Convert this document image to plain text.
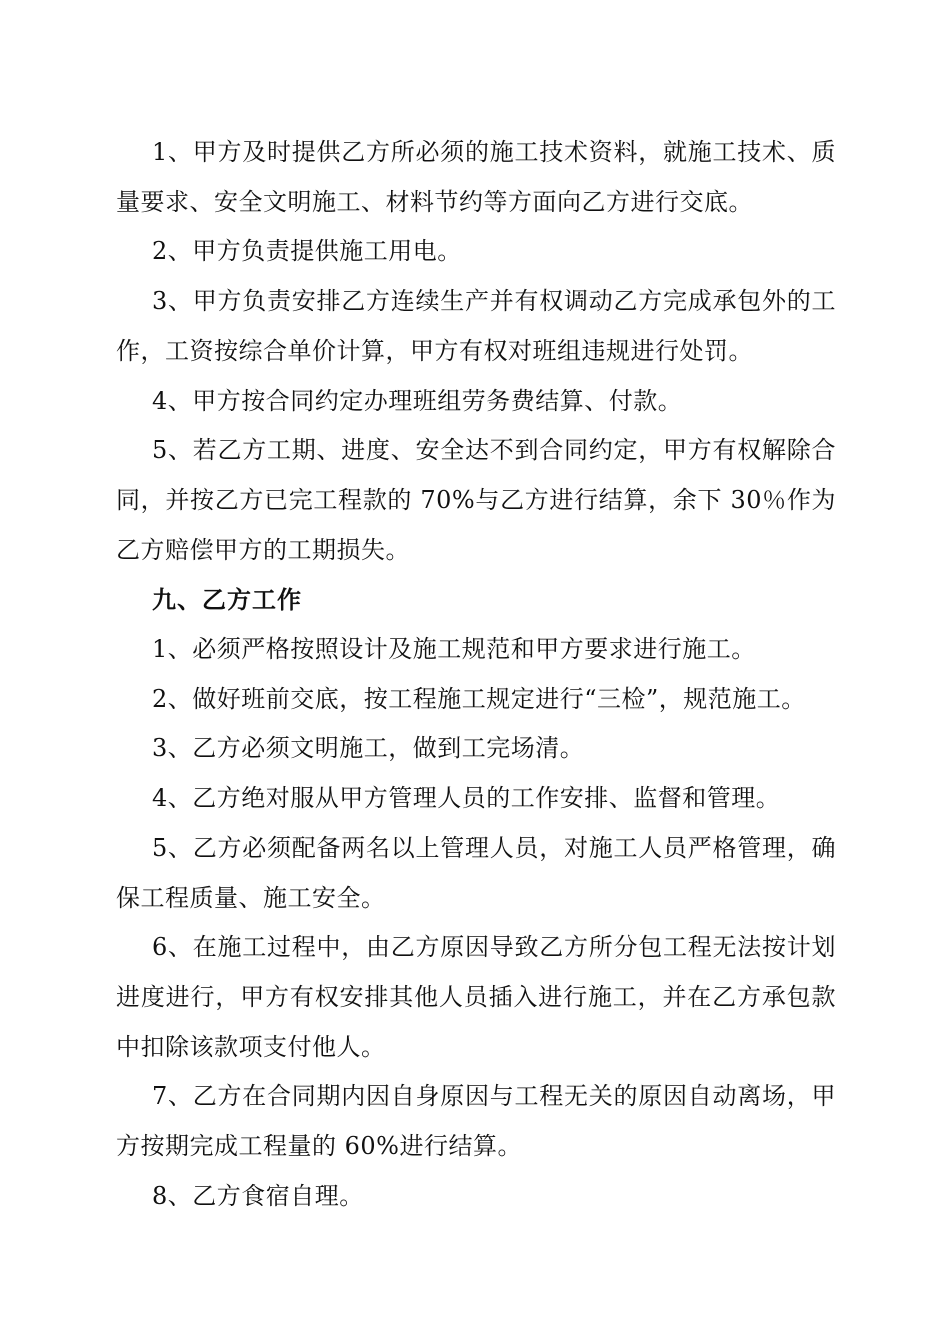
1、甲方及时提供乙方所必须的施工技术资料，就施工技术、质量要求、安全文明施工、材料节约等方面向乙方进行交底。

2、甲方负责提供施工用电。

3、甲方负责安排乙方连续生产并有权调动乙方完成承包外的工作，工资按综合单价计算，甲方有权对班组违规进行处罚。

4、甲方按合同约定办理班组劳务费结算、付款。

5、若乙方工期、进度、安全达不到合同约定，甲方有权解除合同，并按乙方已完工程款的 70%与乙方进行结算，余下 30％作为乙方赔偿甲方的工期损失。

九、乙方工作

1、必须严格按照设计及施工规范和甲方要求进行施工。

2、做好班前交底，按工程施工规定进行“三检”，规范施工。

3、乙方必须文明施工，做到工完场清。

4、乙方绝对服从甲方管理人员的工作安排、监督和管理。

5、乙方必须配备两名以上管理人员，对施工人员严格管理，确保工程质量、施工安全。

6、在施工过程中，由乙方原因导致乙方所分包工程无法按计划进度进行，甲方有权安排其他人员插入进行施工，并在乙方承包款中扣除该款项支付他人。

7、乙方在合同期内因自身原因与工程无关的原因自动离场，甲方按期完成工程量的 60%进行结算。

8、乙方食宿自理。
